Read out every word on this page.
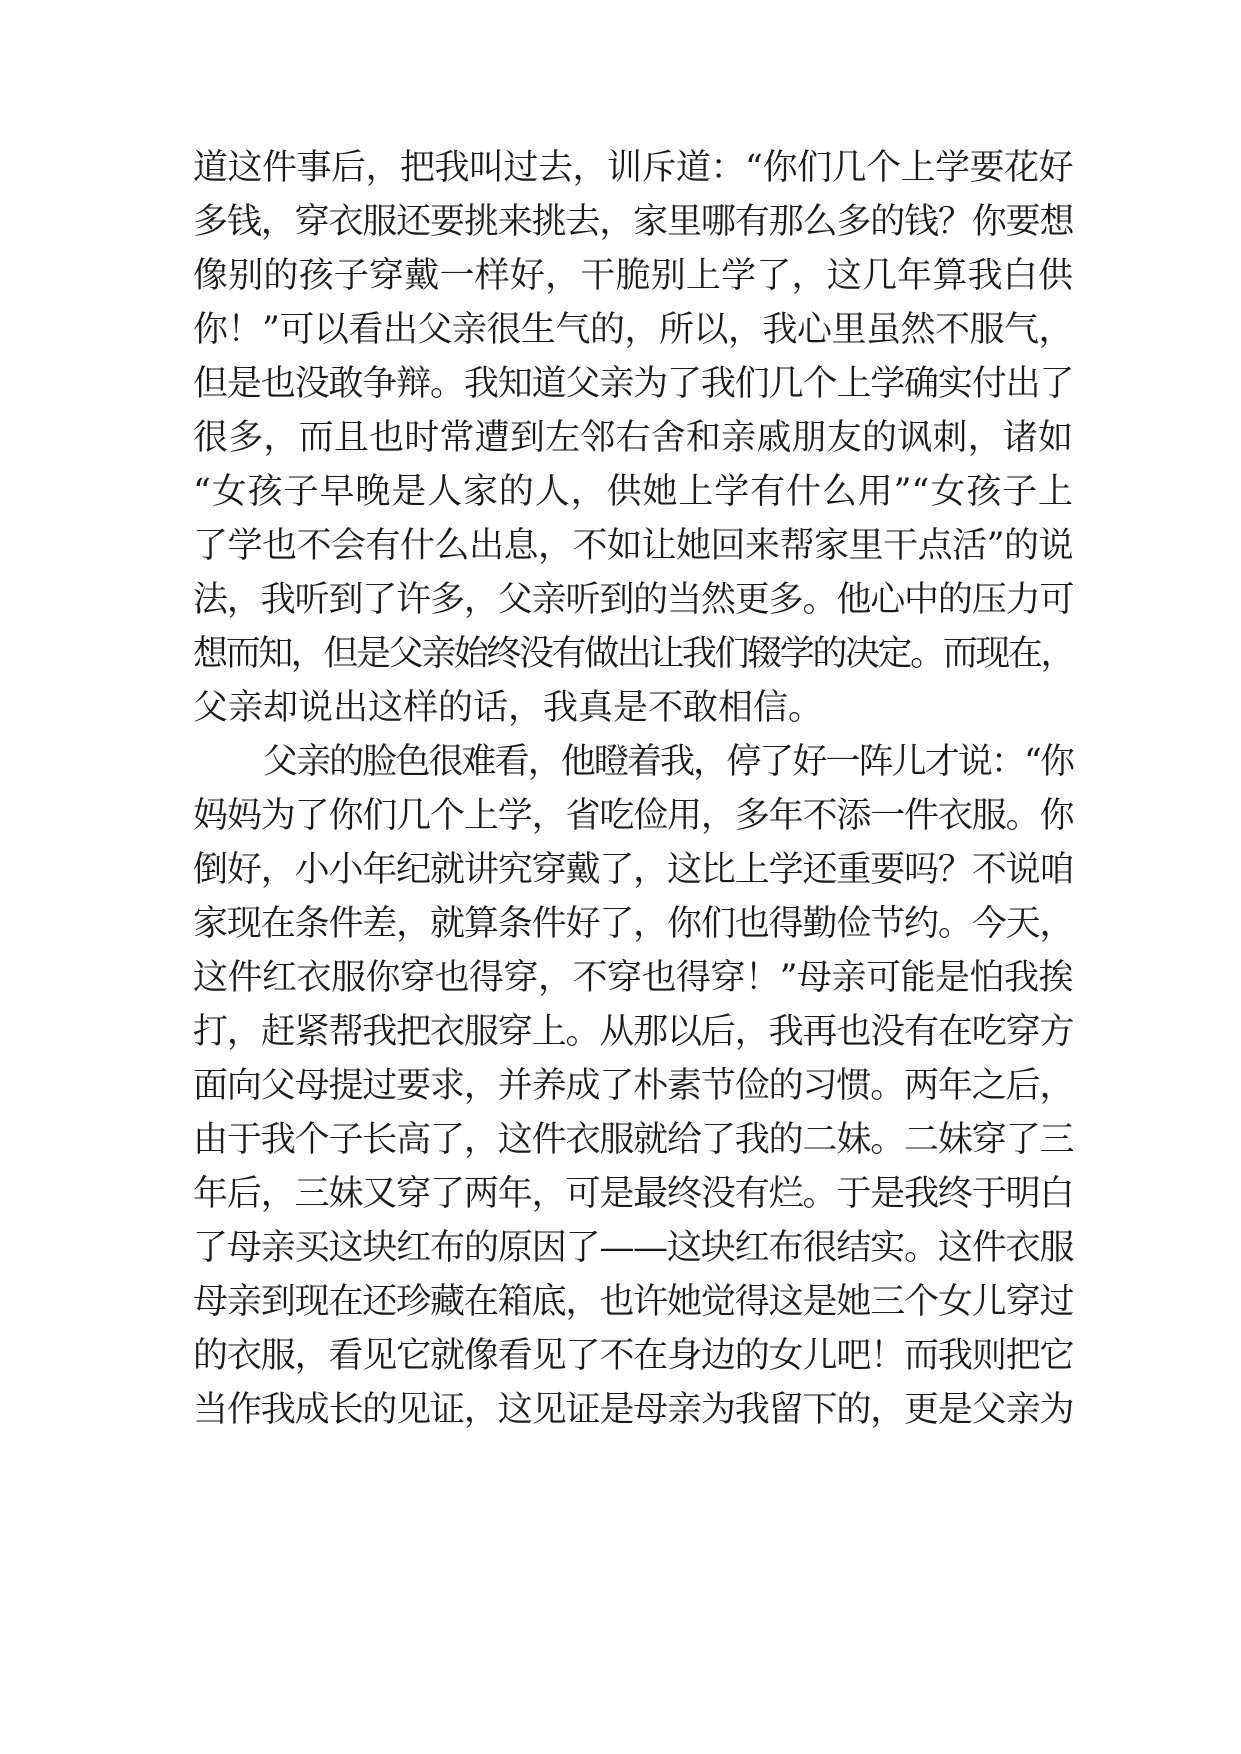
道这件事后，把我叫过去，训斥道：“你们几个上学要花好
多钱，穿衣服还要挑来挑去，家里哪有那么多的钱？你要想
像别的孩子穿戴一样好，干脆别上学了，这几年算我白供
你！”可以看出父亲很生气的，所以，我心里虽然不服气，
但是也没敢争辩。我知道父亲为了我们几个上学确实付出了
很多，而且也时常遭到左邻右舍和亲戚朋友的讽刺，诸如
“女孩子早晚是人家的人，供她上学有什么用”“女孩子上
了学也不会有什么出息，不如让她回来帮家里干点活”的说
法，我听到了许多，父亲听到的当然更多。他心中的压力可
想而知，但是父亲始终没有做出让我们辍学的决定。而现在，
父亲却说出这样的话，我真是不敢相信。
父亲的脸色很难看，他瞪着我，停了好一阵儿才说：“你
妈妈为了你们几个上学，省吃俭用，多年不添一件衣服。你
倒好，小小年纪就讲究穿戴了，这比上学还重要吗？不说咱
家现在条件差，就算条件好了，你们也得勤俭节约。今天，
这件红衣服你穿也得穿，不穿也得穿！”母亲可能是怕我挨
打，赶紧帮我把衣服穿上。从那以后，我再也没有在吃穿方
面向父母提过要求，并养成了朴素节俭的习惯。两年之后，
由于我个子长高了，这件衣服就给了我的二妹。二妹穿了三
年后，三妹又穿了两年，可是最终没有烂。于是我终于明白
了母亲买这块红布的原因了——这块红布很结实。这件衣服
母亲到现在还珍藏在箱底，也许她觉得这是她三个女儿穿过
的衣服，看见它就像看见了不在身边的女儿吧！而我则把它
当作我成长的见证，这见证是母亲为我留下的，更是父亲为
